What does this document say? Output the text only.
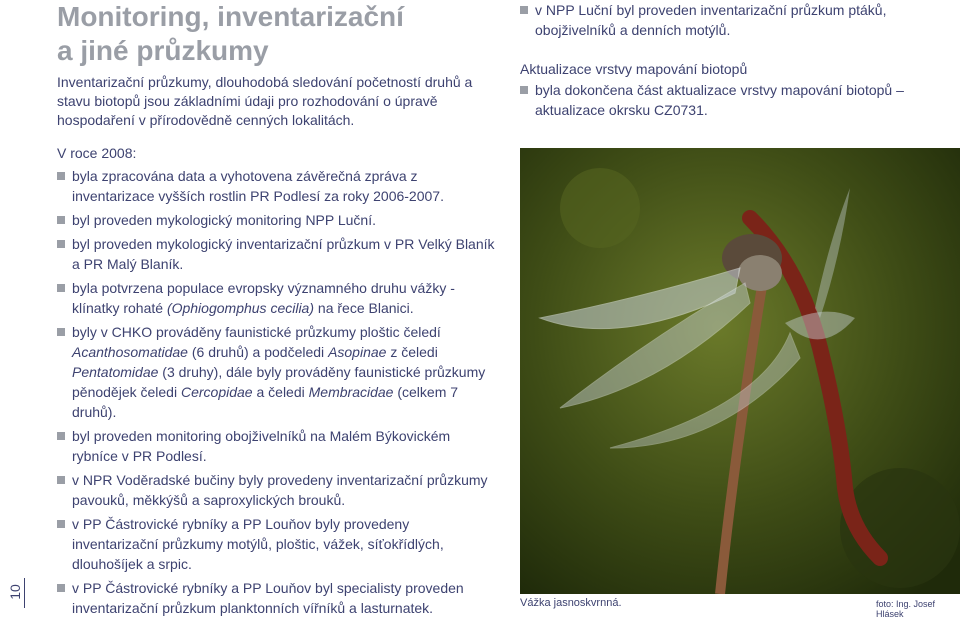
Monitoring, inventarizační
a jiné průzkumy
Inventarizační průzkumy, dlouhodobá sledování početností druhů a stavu biotopů jsou základními údaji pro rozhodování o úpravě hospodaření v přírodovědně cenných lokalitách.
V roce 2008:
byla zpracována data a vyhotovena závěrečná zpráva z inventarizace vyšších rostlin PR Podlesí za roky 2006-2007.
byl proveden mykologický monitoring NPP Luční.
byl proveden mykologický inventarizační průzkum v PR Velký Blaník a PR Malý Blaník.
byla potvrzena populace evropsky významného druhu vážky - klínatky rohaté (Ophiogomphus cecilia) na řece Blanici.
byly v CHKO prováděny faunistické průzkumy ploštic čeledí Acanthosomatidae (6 druhů) a podčeledi Asopinae z čeledi Pentatomidae (3 druhy), dále byly prováděny faunistické průzkumy pěnodějek čeledi Cercopidae a čeledi Membracidae (celkem 7 druhů).
byl proveden monitoring obojživelníků na Malém Býkovickém rybníce v PR Podlesí.
v NPR Voděradské bučiny byly provedeny inventarizační průzkumy pavouků, měkkýšů a saproxylických brouků.
v PP Částrovické rybníky a PP Louňov byly provedeny inventarizační průzkumy motýlů, ploštic, vážek, síťokřídlých, dlouhošíjek a srpic.
v PP Částrovické rybníky a PP Louňov byl specialisty proveden inventarizační průzkum planktonních vířníků a lasturnatek.
v NPP Luční byl proveden inventarizační průzkum ptáků, obojživelníků a denních motýlů.
Aktualizace vrstvy mapování biotopů
byla dokončena část aktualizace vrstvy mapování biotopů – aktualizace okrsku CZ0731.
Vážka jasnoskvrnná.	foto: Ing. Josef Hlásek
10
